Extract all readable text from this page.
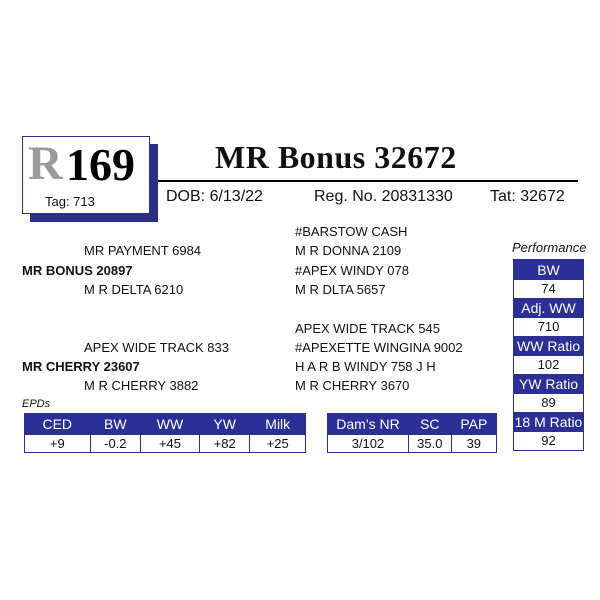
R 169
Tag: 713
MR Bonus 32672
DOB: 6/13/22	Reg. No. 20831330 Tat: 32672
#BARSTOW CASH
MR PAYMENT 6984	M R DONNA 2109
MR BONUS 20897	#APEX WINDY 078
M R DELTA 6210	M R DLTA 5657
APEX WIDE TRACK 545
APEX WIDE TRACK 833	#APEXETTE WINGINA 9002
MR CHERRY 23607	H A R B WINDY 758 J H
M R CHERRY 3882	M R CHERRY 3670
Performance
BW
74
Adj. WW
710
WW Ratio
102
YW Ratio
89
18 M Ratio
92
EPDs
CED	BW	WW	YW	Milk
+9	-0.2	+45	+82	+25
Dam’s NR	SC	PAP
3/102	35.0	39
